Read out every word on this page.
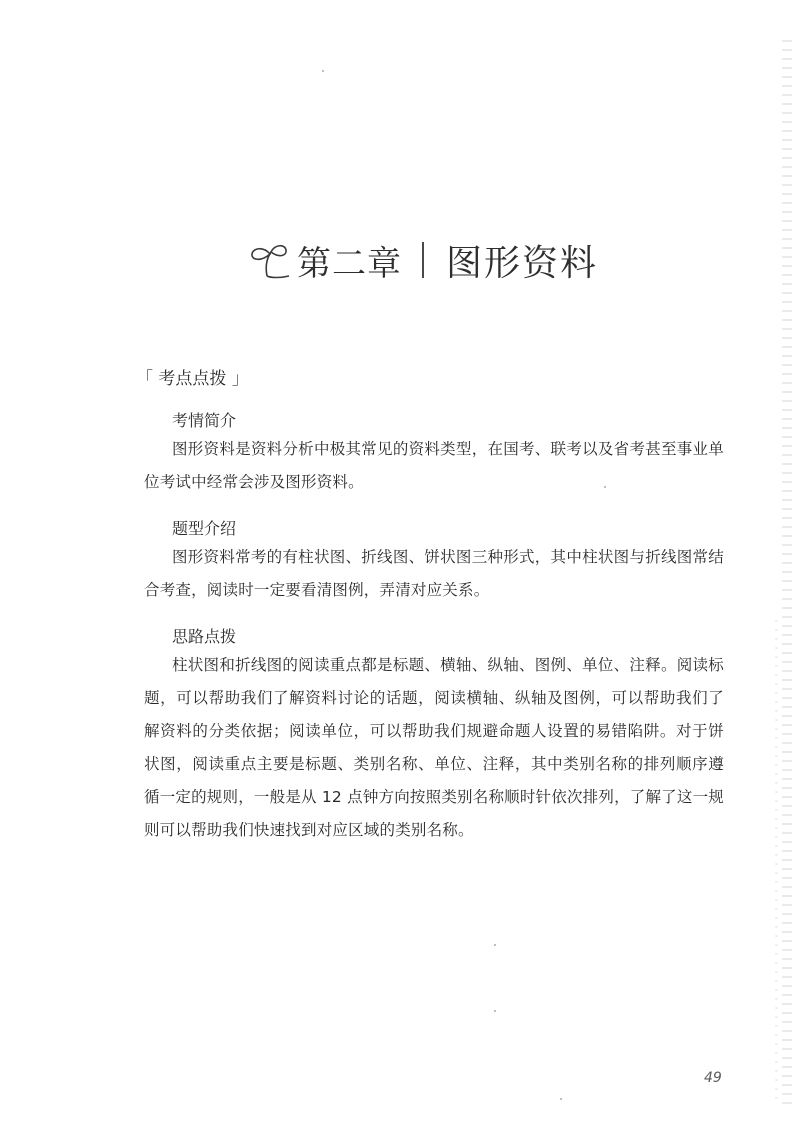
第二章 图形资料
「 考点点拨 」
考情简介
图形资料是资料分析中极其常见的资料类型，在国考、联考以及省考甚至事业单位考试中经常会涉及图形资料。
题型介绍
图形资料常考的有柱状图、折线图、饼状图三种形式，其中柱状图与折线图常结合考查，阅读时一定要看清图例，弄清对应关系。
思路点拨
柱状图和折线图的阅读重点都是标题、横轴、纵轴、图例、单位、注释。阅读标题，可以帮助我们了解资料讨论的话题，阅读横轴、纵轴及图例，可以帮助我们了解资料的分类依据；阅读单位，可以帮助我们规避命题人设置的易错陷阱。对于饼状图，阅读重点主要是标题、类别名称、单位、注释，其中类别名称的排列顺序遵循一定的规则，一般是从 12 点钟方向按照类别名称顺时针依次排列，了解了这一规则可以帮助我们快速找到对应区域的类别名称。
49
